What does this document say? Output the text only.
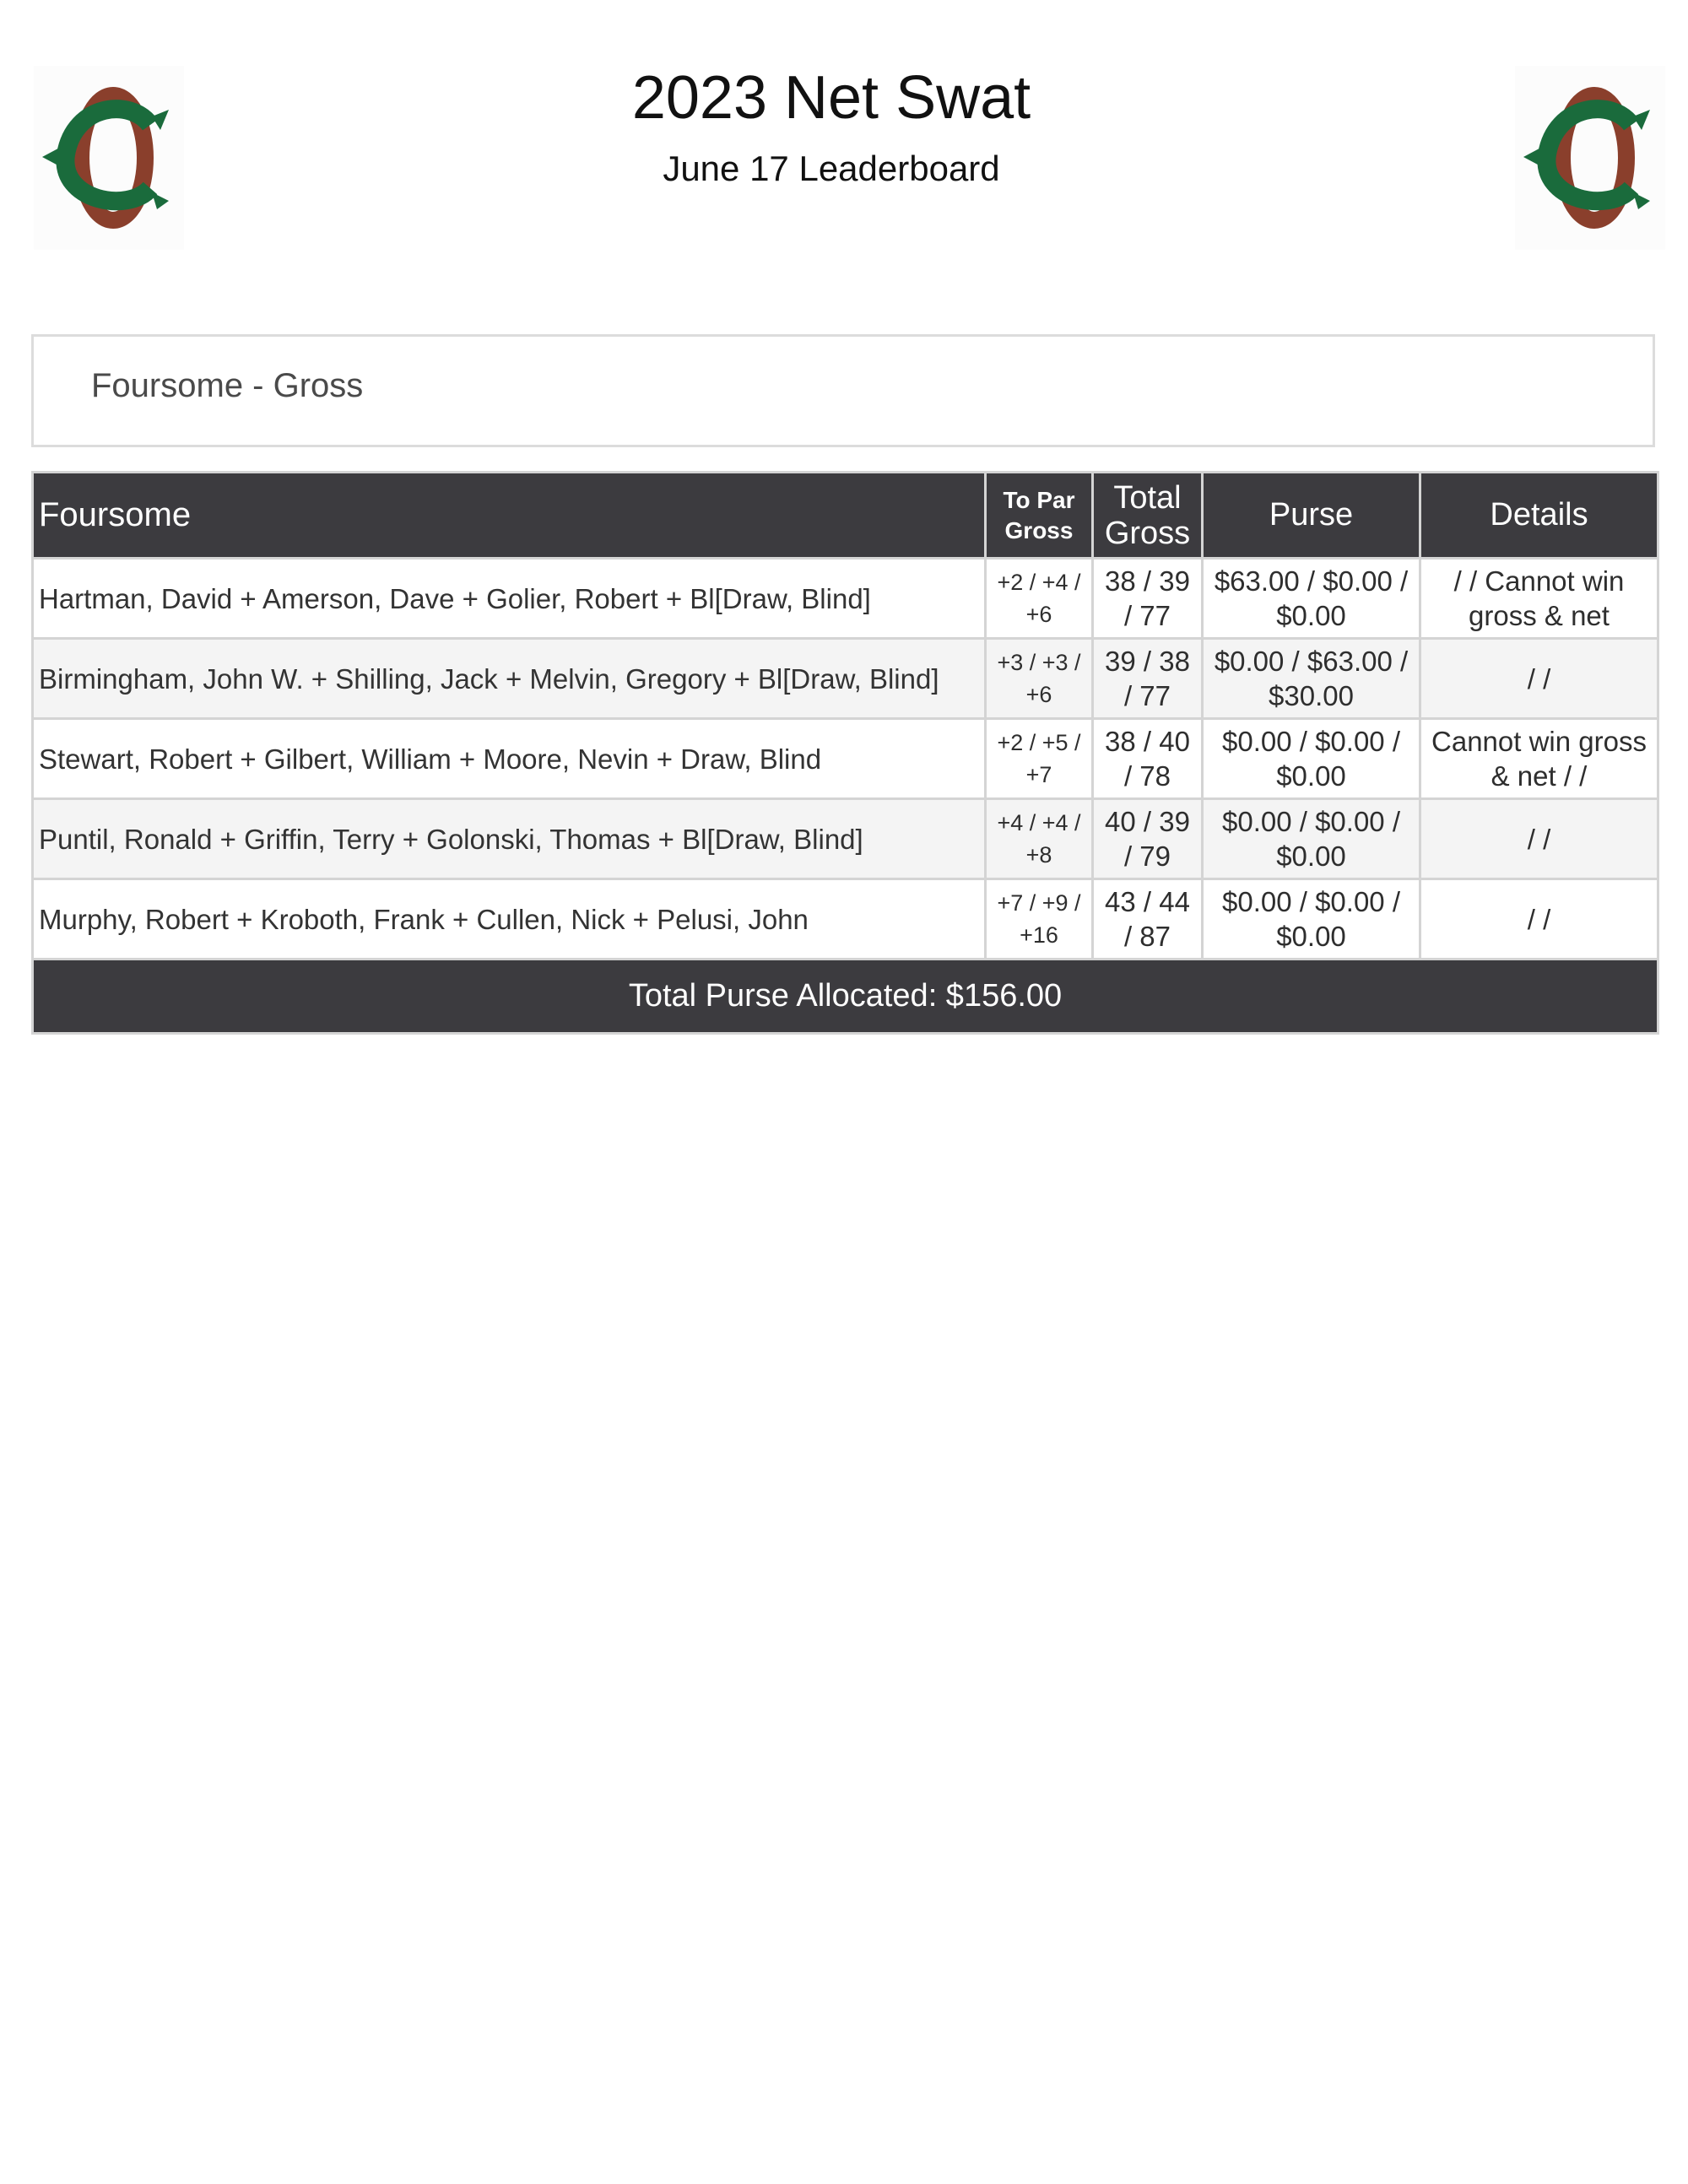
2023 Net Swat
June 17 Leaderboard
Foursome - Gross
Foursome	To Par Gross	Total Gross	Purse	Details
Hartman, David + Amerson, Dave + Golier, Robert + Bl[Draw, Blind]	+2 / +4 / +6	38 / 39 / 77	$63.00 / $0.00 / $0.00	/ / Cannot win gross & net
Birmingham, John W. + Shilling, Jack + Melvin, Gregory + Bl[Draw, Blind]	+3 / +3 / +6	39 / 38 / 77	$0.00 / $63.00 / $30.00	/ /
Stewart, Robert + Gilbert, William + Moore, Nevin + Draw, Blind	+2 / +5 / +7	38 / 40 / 78	$0.00 / $0.00 / $0.00	Cannot win gross & net / /
Puntil, Ronald + Griffin, Terry + Golonski, Thomas + Bl[Draw, Blind]	+4 / +4 / +8	40 / 39 / 79	$0.00 / $0.00 / $0.00	/ /
Murphy, Robert + Kroboth, Frank + Cullen, Nick + Pelusi, John	+7 / +9 / +16	43 / 44 / 87	$0.00 / $0.00 / $0.00	/ /
Total Purse Allocated: $156.00				
